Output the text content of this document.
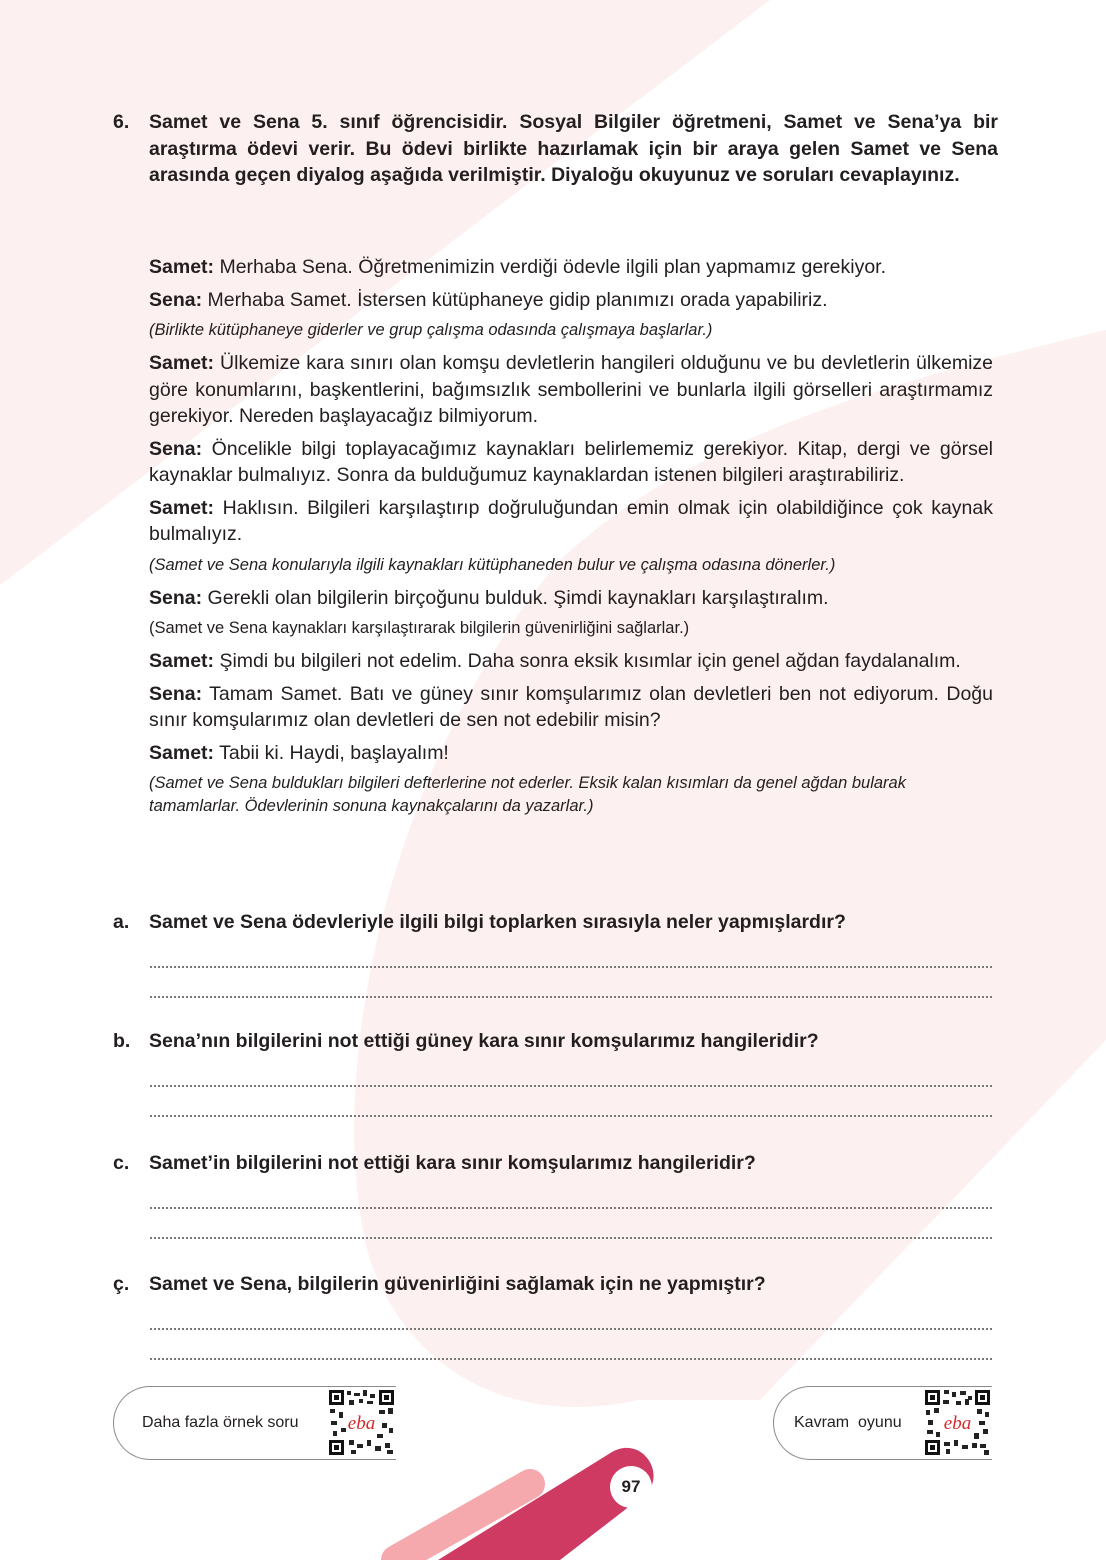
6. Samet ve Sena 5. sınıf öğrencisidir. Sosyal Bilgiler öğretmeni, Samet ve Sena’ya bir araştırma ödevi verir. Bu ödevi birlikte hazırlamak için bir araya gelen Samet ve Sena arasında geçen diyalog aşağıda verilmiştir. Diyaloğu okuyunuz ve soruları cevaplayınız.
Samet: Merhaba Sena. Öğretmenimizin verdiği ödevle ilgili plan yapmamız gerekiyor.
Sena: Merhaba Samet. İstersen kütüphaneye gidip planımızı orada yapabiliriz.
(Birlikte kütüphaneye giderler ve grup çalışma odasında çalışmaya başlarlar.)
Samet: Ülkemize kara sınırı olan komşu devletlerin hangileri olduğunu ve bu devletlerin ülkemize göre konumlarını, başkentlerini, bağımsızlık sembollerini ve bunlarla ilgili görselleri araştırmamız gerekiyor. Nereden başlayacağız bilmiyorum.
Sena: Öncelikle bilgi toplayacağımız kaynakları belirlememiz gerekiyor. Kitap, dergi ve görsel kaynaklar bulmalıyız. Sonra da bulduğumuz kaynaklardan istenen bilgileri araştırabiliriz.
Samet: Haklısın. Bilgileri karşılaştırıp doğruluğundan emin olmak için olabildiğince çok kaynak bulmalıyız.
(Samet ve Sena konularıyla ilgili kaynakları kütüphaneden bulur ve çalışma odasına dönerler.)
Sena: Gerekli olan bilgilerin birçoğunu bulduk. Şimdi kaynakları karşılaştıralım.
(Samet ve Sena kaynakları karşılaştırarak bilgilerin güvenirliğini sağlarlar.)
Samet: Şimdi bu bilgileri not edelim. Daha sonra eksik kısımlar için genel ağdan faydalanalım.
Sena: Tamam Samet. Batı ve güney sınır komşularımız olan devletleri ben not ediyorum. Doğu sınır komşularımız olan devletleri de sen not edebilir misin?
Samet: Tabii ki. Haydi, başlayalım!
(Samet ve Sena buldukları bilgileri defterlerine not ederler. Eksik kalan kısımları da genel ağdan bularak tamamlarlar. Ödevlerinin sonuna kaynakçalarını da yazarlar.)
a. Samet ve Sena ödevleriyle ilgili bilgi toplarken sırasıyla neler yapmışlardır?
b. Sena’nın bilgilerini not ettiği güney kara sınır komşularımız hangileridir?
c. Samet’in bilgilerini not ettiği kara sınır komşularımız hangileridir?
ç. Samet ve Sena, bilgilerin güvenirliğini sağlamak için ne yapmıştır?
Daha fazla örnek soru	eba	Kavram  oyunu eba
97
